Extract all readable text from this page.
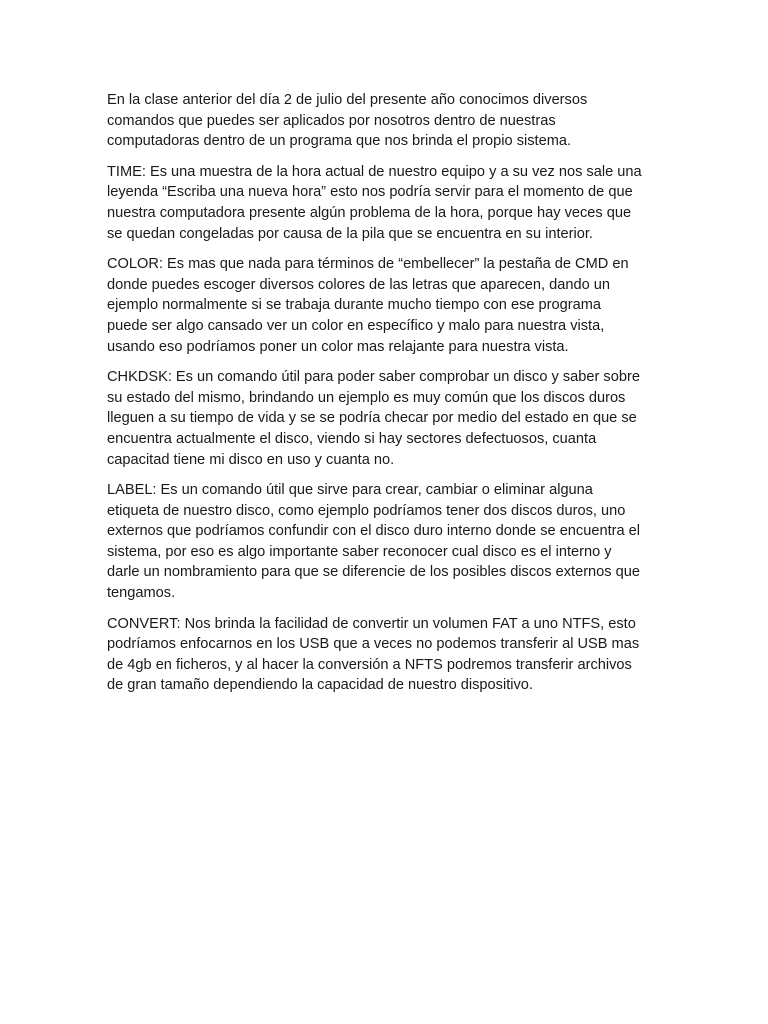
En la clase anterior del día 2 de julio del presente año conocimos diversos
comandos que puedes ser aplicados por nosotros dentro de nuestras
computadoras dentro de un programa que nos brinda el propio sistema.

TIME: Es una muestra de la hora actual de nuestro equipo y a su vez nos sale una
leyenda “Escriba una nueva hora” esto nos podría servir para el momento de que
nuestra computadora presente algún problema de la hora, porque hay veces que
se quedan congeladas por causa de la pila que se encuentra en su interior.

COLOR: Es mas que nada para términos de “embellecer” la pestaña de CMD en
donde puedes escoger diversos colores de las letras que aparecen, dando un
ejemplo normalmente si se trabaja durante mucho tiempo con ese programa
puede ser algo cansado ver un color en específico y malo para nuestra vista,
usando eso podríamos poner un color mas relajante para nuestra vista.

CHKDSK: Es un comando útil para poder saber comprobar un disco y saber sobre
su estado del mismo, brindando un ejemplo es muy común que los discos duros
lleguen a su tiempo de vida y se se podría checar por medio del estado en que se
encuentra actualmente el disco, viendo si hay sectores defectuosos, cuanta
capacitad tiene mi disco en uso y cuanta no.

LABEL: Es un comando útil que sirve para crear, cambiar o eliminar alguna
etiqueta de nuestro disco, como ejemplo podríamos tener dos discos duros, uno
externos que podríamos confundir con el disco duro interno donde se encuentra el
sistema, por eso es algo importante saber reconocer cual disco es el interno y
darle un nombramiento para que se diferencie de los posibles discos externos que
tengamos.

CONVERT: Nos brinda la facilidad de convertir un volumen FAT a uno NTFS, esto
podríamos enfocarnos en los USB que a veces no podemos transferir al USB mas
de 4gb en ficheros, y al hacer la conversión a NFTS podremos transferir archivos
de gran tamaño dependiendo la capacidad de nuestro dispositivo.
